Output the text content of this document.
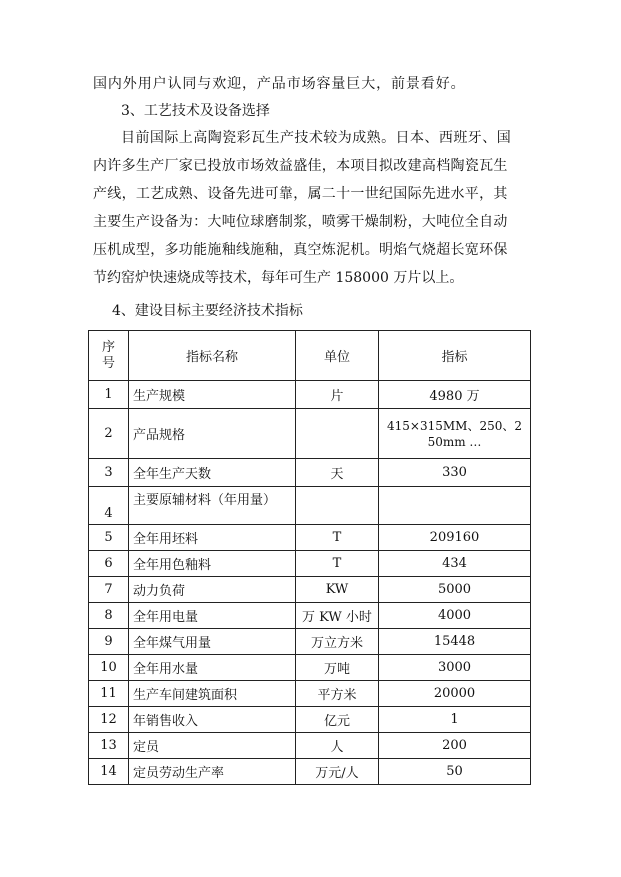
国内外用户认同与欢迎，产品市场容量巨大，前景看好。
3、工艺技术及设备选择
目前国际上高陶瓷彩瓦生产技术较为成熟。日本、西班牙、国
内许多生产厂家已投放市场效益盛佳，本项目拟改建高档陶瓷瓦生
产线，工艺成熟、设备先进可靠，属二十一世纪国际先进水平，其
主要生产设备为：大吨位球磨制浆，喷雾干燥制粉，大吨位全自动
压机成型，多功能施釉线施釉，真空炼泥机。明焰气烧超长宽环保
节约窑炉快速烧成等技术，每年可生产 158000 万片以上。
4、建设目标主要经济技术指标
序
号	指标名称	单位	指标
1	生产规模	片	4980 万
2	产品规格		415×315MM、250、2
50mm …
3	全年生产天数	天	330
4	主要原辅材料（年用量）		
5	全年用坯料	T	209160
6	全年用色釉料	T	434
7	动力负荷	KW	5000
8	全年用电量	万 KW 小时	4000
9	全年煤气用量	万立方米	15448
10	全年用水量	万吨	3000
11	生产车间建筑面积	平方米	20000
12	年销售收入	亿元	1
13	定员	人	200
14	定员劳动生产率	万元/人	50
